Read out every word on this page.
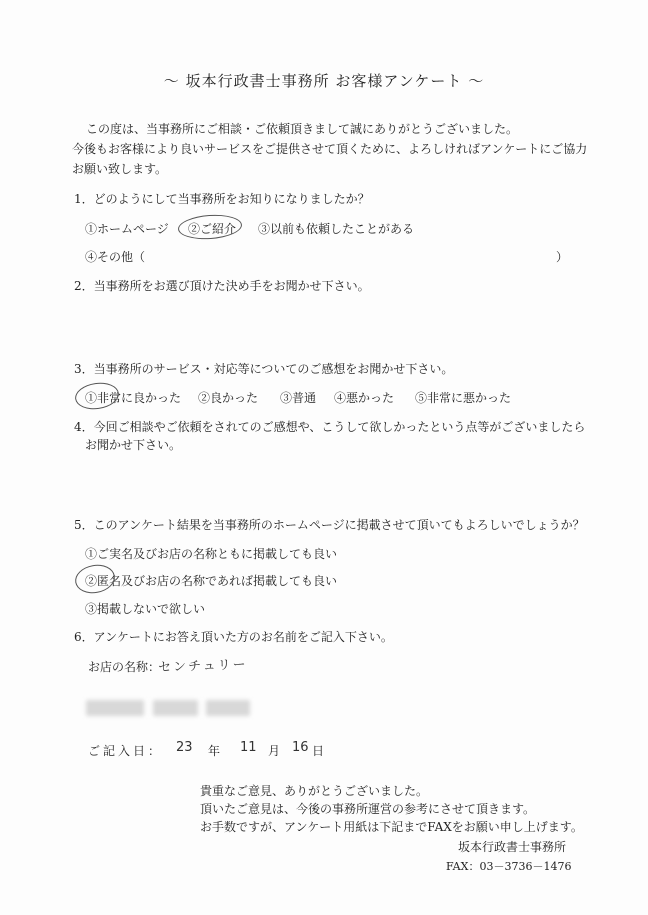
〜 坂本行政書士事務所 お客様アンケート 〜
この度は、当事務所にご相談・ご依頼頂きまして誠にありがとうございました。
今後もお客様により良いサービスをご提供させて頂くために、よろしければアンケートにご協力
お願い致します。
1．どのようにして当事務所をお知りになりましたか？
①ホームページ ②ご紹介 ③以前も依頼したことがある
④その他（	）
2．当事務所をお選び頂けた決め手をお聞かせ下さい。
3．当事務所のサービス・対応等についてのご感想をお聞かせ下さい。
①非常に良かった ②良かった ③普通 ④悪かった ⑤非常に悪かった
4．今回ご相談やご依頼をされてのご感想や、こうして欲しかったという点等がございましたら
お聞かせ下さい。
5．このアンケート結果を当事務所のホームページに掲載させて頂いてもよろしいでしょうか？
①ご実名及びお店の名称ともに掲載しても良い
②匿名及びお店の名称であれば掲載しても良い
③掲載しないで欲しい
6．アンケートにお答え頂いた方のお名前をご記入下さい。
お店の名称：
センチュリー
ご記入日： 23 年 11 月 16 日
貴重なご意見、ありがとうございました。
頂いたご意見は、今後の事務所運営の参考にさせて頂きます。
お手数ですが、アンケート用紙は下記までFAXをお願い申し上げます。
坂本行政書士事務所
FAX：03－3736－1476
